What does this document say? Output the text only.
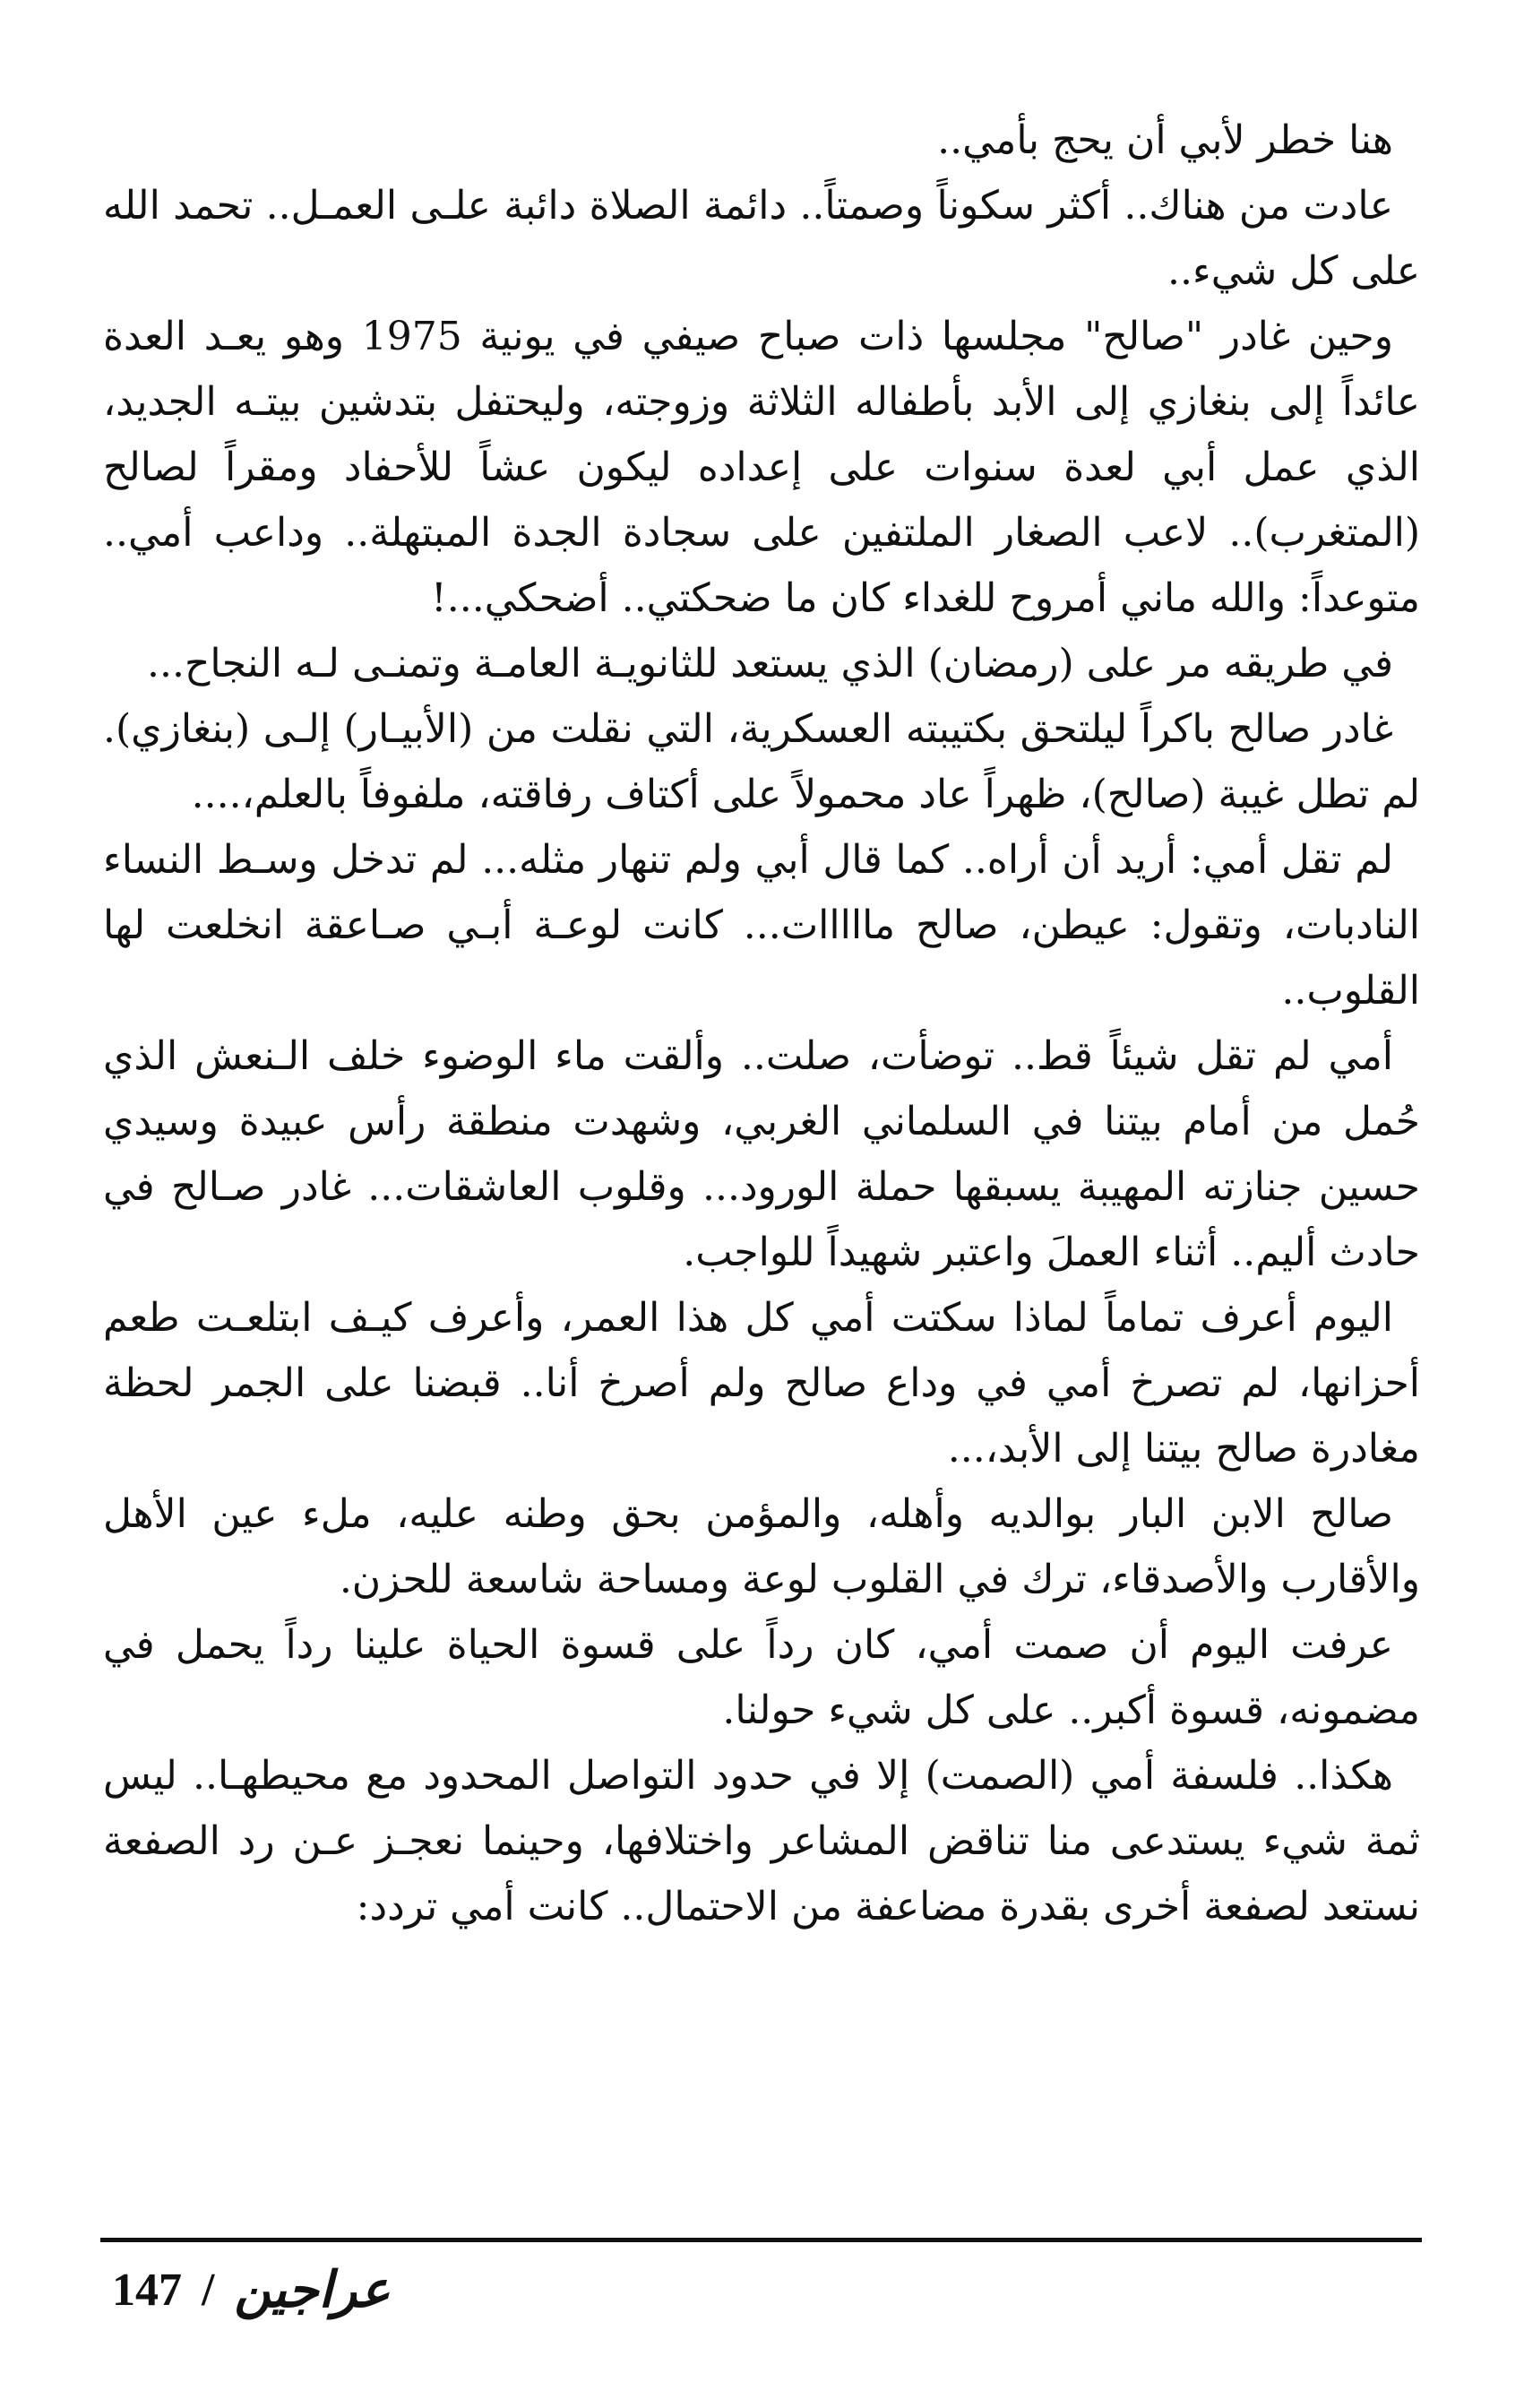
هنا خطر لأبي أن يحج بأمي..

عادت من هناك.. أكثر سكوناً وصمتاً.. دائمة الصلاة دائبة علـى العمـل.. تحمد الله على كل شيء..

وحين غادر "صالح" مجلسها ذات صباح صيفي في يونية 1975 وهو يعـد العدة عائداً إلى بنغازي إلى الأبد بأطفاله الثلاثة وزوجته، وليحتفل بتدشين بيتـه الجديد، الذي عمل أبي لعدة سنوات على إعداده ليكون عشاً للأحفاد ومقراً لصالح (المتغرب).. لاعب الصغار الملتفين على سجادة الجدة المبتهلة.. وداعب أمي.. متوعداً: والله ماني أمروح للغداء كان ما ضحكتي.. أضحكي...!

في طريقه مر على (رمضان) الذي يستعد للثانويـة العامـة وتمنـى لـه النجاح...

غادر صالح باكراً ليلتحق بكتيبته العسكرية، التي نقلت من (الأبيـار) إلـى (بنغازي). لم تطل غيبة (صالح)، ظهراً عاد محمولاً على أكتاف رفاقته، ملفوفاً بالعلم،....

لم تقل أمي: أريد أن أراه.. كما قال أبي ولم تنهار مثله... لم تدخل وسـط النساء النادبات، وتقول: عيطن، صالح مااااات... كانت لوعـة أبـي صـاعقة انخلعت لها القلوب..

أمي لم تقل شيئاً قط.. توضأت، صلت.. وألقت ماء الوضوء خلف الـنعش الذي حُمل من أمام بيتنا في السلماني الغربي، وشهدت منطقة رأس عبيدة وسيدي حسين جنازته المهيبة يسبقها حملة الورود... وقلوب العاشقات... غادر صـالح في حادث أليم.. أثناء العملَ واعتبر شهيداً للواجب.

اليوم أعرف تماماً لماذا سكتت أمي كل هذا العمر، وأعرف كيـف ابتلعـت طعم أحزانها، لم تصرخ أمي في وداع صالح ولم أصرخ أنا.. قبضنا على الجمر لحظة مغادرة صالح بيتنا إلى الأبد،...

صالح الابن البار بوالديه وأهله، والمؤمن بحق وطنه عليه، ملء عين الأهل والأقارب والأصدقاء، ترك في القلوب لوعة ومساحة شاسعة للحزن.

عرفت اليوم أن صمت أمي، كان رداً على قسوة الحياة علينا رداً يحمل في مضمونه، قسوة أكبر.. على كل شيء حولنا.

هكذا.. فلسفة أمي (الصمت) إلا في حدود التواصل المحدود مع محيطهـا.. ليس ثمة شيء يستدعى منا تناقض المشاعر واختلافها، وحينما نعجـز عـن رد الصفعة نستعد لصفعة أخرى بقدرة مضاعفة من الاحتمال.. كانت أمي تردد:

147 / عراجين
